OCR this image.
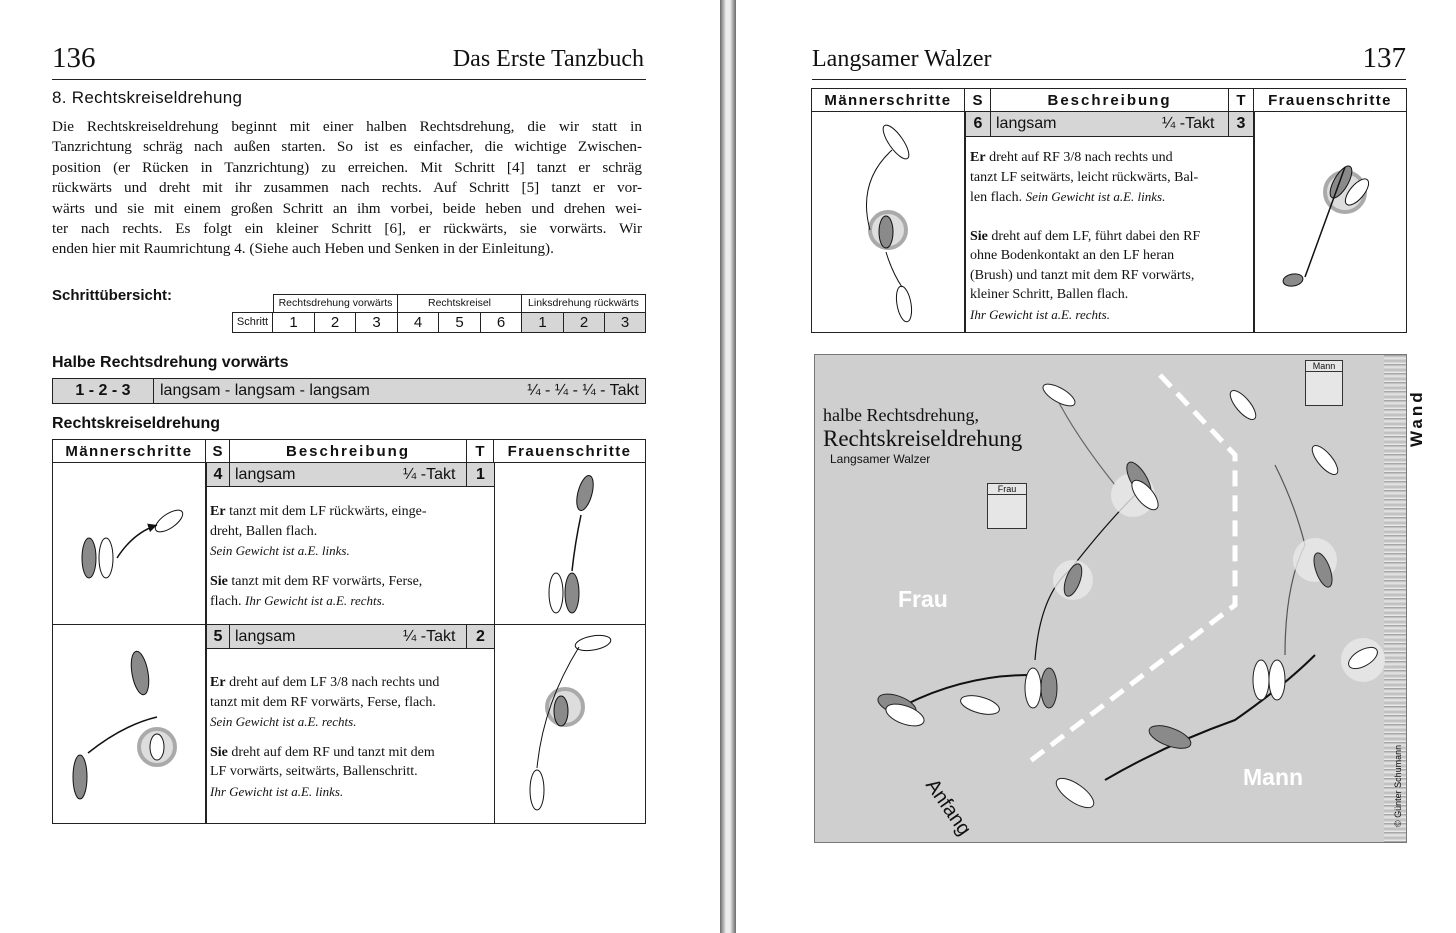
136	Das Erste Tanzbuch
8. Rechtskreiseldrehung
Die Rechtskreiseldrehung beginnt mit einer halben Rechtsdrehung, die wir statt in
Tanzrichtung schräg nach außen starten. So ist es einfacher, die wichtige Zwischen-
position (er Rücken in Tanzrichtung) zu erreichen. Mit Schritt [4] tanzt er schräg
rückwärts und dreht mit ihr zusammen nach rechts. Auf Schritt [5] tanzt er vor-
wärts und sie mit einem großen Schritt an ihm vorbei, beide heben und drehen wei-
ter nach rechts. Es folgt ein kleiner Schritt [6], er rückwärts, sie vorwärts. Wir
enden hier mit Raumrichtung 4. (Siehe auch Heben und Senken in der Einleitung).
Schrittübersicht:	Rechtsdrehung vorwärts	Rechtskreisel	Linksdrehung rückwärts
Schritt	1	2	3	4	5	6	1	2	3
Halbe Rechtsdrehung vorwärts
1 - 2 - 3	langsam - langsam - langsam	¼ - ¼ - ¼ - Takt
Rechtskreiseldrehung
Männerschritte	S	Beschreibung	T	Frauenschritte
4 langsam	¼ -Takt	1
Er tanzt mit dem LF rückwärts, einge-
dreht, Ballen flach.
Sein Gewicht ist a.E. links.
Sie tanzt mit dem RF vorwärts, Ferse,
flach. Ihr Gewicht ist a.E. rechts.
5 langsam	¼ -Takt	2
Er dreht auf dem LF 3/8 nach rechts und
tanzt mit dem RF vorwärts, Ferse, flach.
Sein Gewicht ist a.E. rechts.
Sie dreht auf dem RF und tanzt mit dem
LF vorwärts, seitwärts, Ballenschritt.
Ihr Gewicht ist a.E. links.
Langsamer Walzer	137
Männerschritte	S	Beschreibung	T	Frauenschritte
6 langsam	¼ -Takt	3
Er dreht auf RF 3/8 nach rechts und
tanzt LF seitwärts, leicht rückwärts, Bal-
len flach. Sein Gewicht ist a.E. links.
Sie dreht auf dem LF, führt dabei den RF
ohne Bodenkontakt an den LF heran
(Brush) und tanzt mit dem RF vorwärts,
kleiner Schritt, Ballen flach.
Ihr Gewicht ist a.E. rechts.
halbe Rechtsdrehung,
Rechtskreiseldrehung
Langsamer Walzer
Frau
Mann
Frau
Mann
Anfang
Wand
© Günter Schumann
